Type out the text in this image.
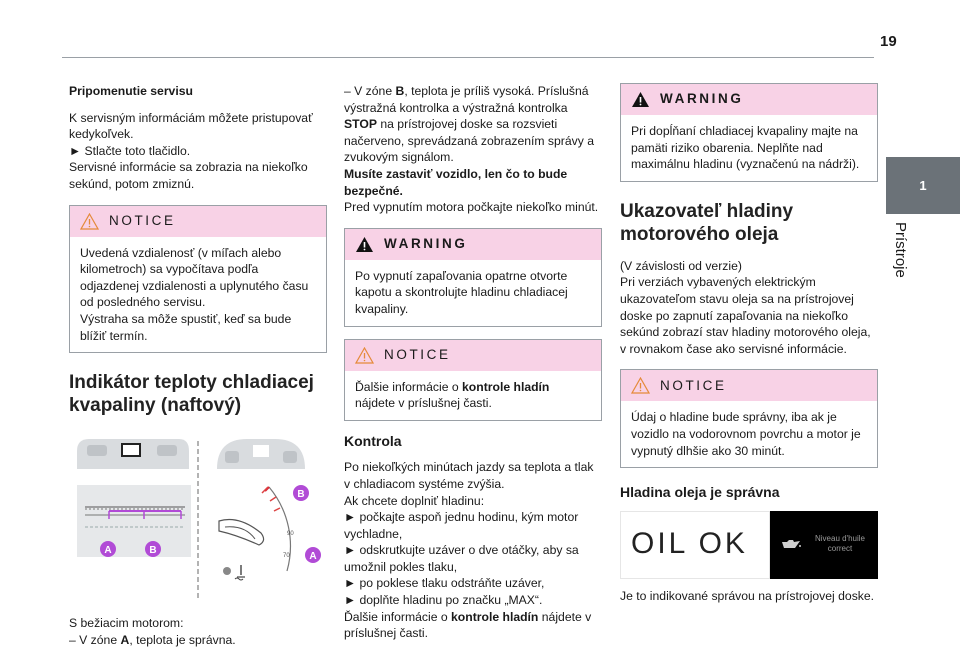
19
1
Prístroje
Pripomenutie servisu

K servisným informáciám môžete pristupovať kedykoľvek.

► Stlačte toto tlačidlo.

Servisné informácie sa zobrazia na niekoľko sekúnd, potom zmiznú.

NOTICE

Uvedená vzdialenosť (v míľach alebo kilometroch) sa vypočítava podľa odjazdenej vzdialenosti a uplynutého času od posledného servisu.

Výstraha sa môže spustiť, keď sa bude blížiť termín.

Indikátor teploty chladiacej kvapaliny (naftový)
A	B
B
A
90
70

S bežiacim motorom:

– V zóne A, teplota je správna.

– V zóne B, teplota je príliš vysoká. Príslušná výstražná kontrolka a výstražná kontrolka STOP na prístrojovej doske sa rozsvieti načerveno, sprevádzaná zobrazením správy a zvukovým signálom.

Musíte zastaviť vozidlo, len čo to bude bezpečné.

Pred vypnutím motora počkajte niekoľko minút.

WARNING

Po vypnutí zapaľovania opatrne otvorte kapotu a skontrolujte hladinu chladiacej kvapaliny.

NOTICE

Ďalšie informácie o kontrole hladín nájdete v príslušnej časti.

Kontrola

Po niekoľkých minútach jazdy sa teplota a tlak v chladiacom systéme zvýšia.

Ak chcete doplniť hladinu:

► počkajte aspoň jednu hodinu, kým motor vychladne,

► odskrutkujte uzáver o dve otáčky, aby sa umožnil pokles tlaku,

► po poklese tlaku odstráňte uzáver,

► doplňte hladinu po značku „MAX“.

Ďalšie informácie o kontrole hladín nájdete v príslušnej časti.

WARNING

Pri dopĺňaní chladiacej kvapaliny majte na pamäti riziko obarenia. Neplňte nad maximálnu hladinu (vyznačenú na nádrži).

Ukazovateľ hladiny motorového oleja

(V závislosti od verzie)

Pri verziách vybavených elektrickým ukazovateľom stavu oleja sa na prístrojovej doske po zapnutí zapaľovania na niekoľko sekúnd zobrazí stav hladiny motorového oleja, v rovnakom čase ako servisné informácie.

NOTICE

Údaj o hladine bude správny, iba ak je vozidlo na vodorovnom povrchu a motor je vypnutý dlhšie ako 30 minút.

Hladina oleja je správna
OIL OK	Niveau d'huile correct

Je to indikované správou na prístrojovej doske.
